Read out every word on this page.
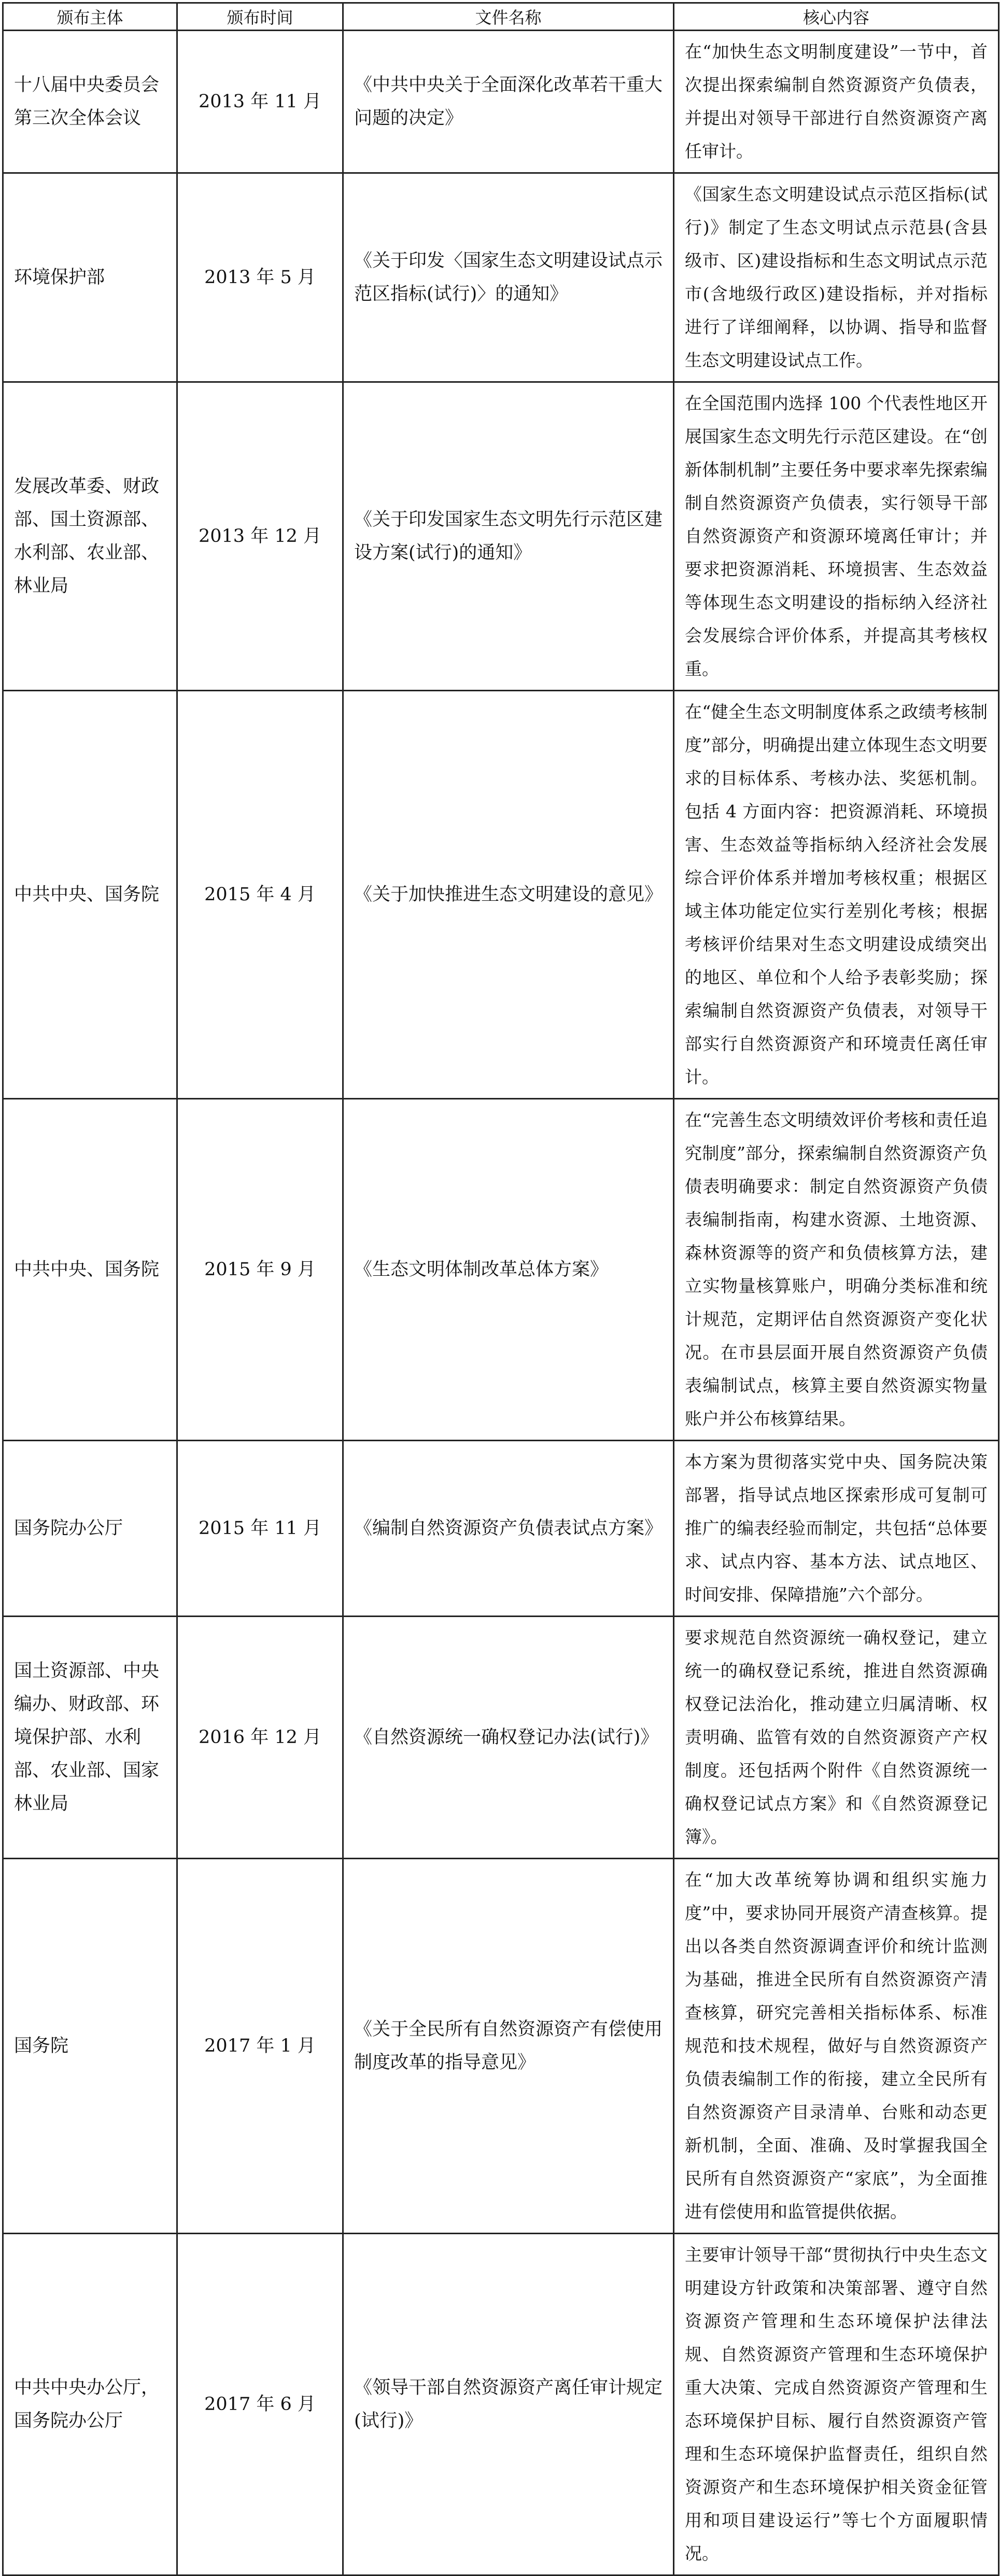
颁布主体	颁布时间	文件名称	核心内容
十八届中央委员会第三次全体会议	2013 年 11 月	《中共中央关于全面深化改革若干重大问题的决定》	在“加快生态文明制度建设”一节中，首次提出探索编制自然资源资产负债表，并提出对领导干部进行自然资源资产离任审计。
环境保护部	2013 年 5 月	《关于印发〈国家生态文明建设试点示范区指标(试行)〉的通知》	《国家生态文明建设试点示范区指标(试行)》制定了生态文明试点示范县(含县级市、区)建设指标和生态文明试点示范市(含地级行政区)建设指标，并对指标进行了详细阐释，以协调、指导和监督生态文明建设试点工作。
发展改革委、财政部、国土资源部、水利部、农业部、林业局	2013 年 12 月	《关于印发国家生态文明先行示范区建设方案(试行)的通知》	在全国范围内选择 100 个代表性地区开展国家生态文明先行示范区建设。在“创新体制机制”主要任务中要求率先探索编制自然资源资产负债表，实行领导干部自然资源资产和资源环境离任审计；并要求把资源消耗、环境损害、生态效益等体现生态文明建设的指标纳入经济社会发展综合评价体系，并提高其考核权重。
中共中央、国务院	2015 年 4 月	《关于加快推进生态文明建设的意见》	在“健全生态文明制度体系之政绩考核制度”部分，明确提出建立体现生态文明要求的目标体系、考核办法、奖惩机制。包括 4 方面内容：把资源消耗、环境损害、生态效益等指标纳入经济社会发展综合评价体系并增加考核权重；根据区域主体功能定位实行差别化考核；根据考核评价结果对生态文明建设成绩突出的地区、单位和个人给予表彰奖励；探索编制自然资源资产负债表，对领导干部实行自然资源资产和环境责任离任审计。
中共中央、国务院	2015 年 9 月	《生态文明体制改革总体方案》	在“完善生态文明绩效评价考核和责任追究制度”部分，探索编制自然资源资产负债表明确要求：制定自然资源资产负债表编制指南，构建水资源、土地资源、森林资源等的资产和负债核算方法，建立实物量核算账户，明确分类标准和统计规范，定期评估自然资源资产变化状况。在市县层面开展自然资源资产负债表编制试点，核算主要自然资源实物量账户并公布核算结果。
国务院办公厅	2015 年 11 月	《编制自然资源资产负债表试点方案》	本方案为贯彻落实党中央、国务院决策部署，指导试点地区探索形成可复制可推广的编表经验而制定，共包括“总体要求、试点内容、基本方法、试点地区、时间安排、保障措施”六个部分。
国土资源部、中央编办、财政部、环境保护部、水利部、农业部、国家林业局	2016 年 12 月	《自然资源统一确权登记办法(试行)》	要求规范自然资源统一确权登记，建立统一的确权登记系统，推进自然资源确权登记法治化，推动建立归属清晰、权责明确、监管有效的自然资源资产产权制度。还包括两个附件《自然资源统一确权登记试点方案》和《自然资源登记簿》。
国务院	2017 年 1 月	《关于全民所有自然资源资产有偿使用制度改革的指导意见》	在“加大改革统筹协调和组织实施力度”中，要求协同开展资产清查核算。提出以各类自然资源调查评价和统计监测为基础，推进全民所有自然资源资产清查核算，研究完善相关指标体系、标准规范和技术规程，做好与自然资源资产负债表编制工作的衔接，建立全民所有自然资源资产目录清单、台账和动态更新机制，全面、准确、及时掌握我国全民所有自然资源资产“家底”，为全面推进有偿使用和监管提供依据。
中共中央办公厅，国务院办公厅	2017 年 6 月	《领导干部自然资源资产离任审计规定(试行)》	主要审计领导干部“贯彻执行中央生态文明建设方针政策和决策部署、遵守自然资源资产管理和生态环境保护法律法规、自然资源资产管理和生态环境保护重大决策、完成自然资源资产管理和生态环境保护目标、履行自然资源资产管理和生态环境保护监督责任，组织自然资源资产和生态环境保护相关资金征管用和项目建设运行”等七个方面履职情况。
